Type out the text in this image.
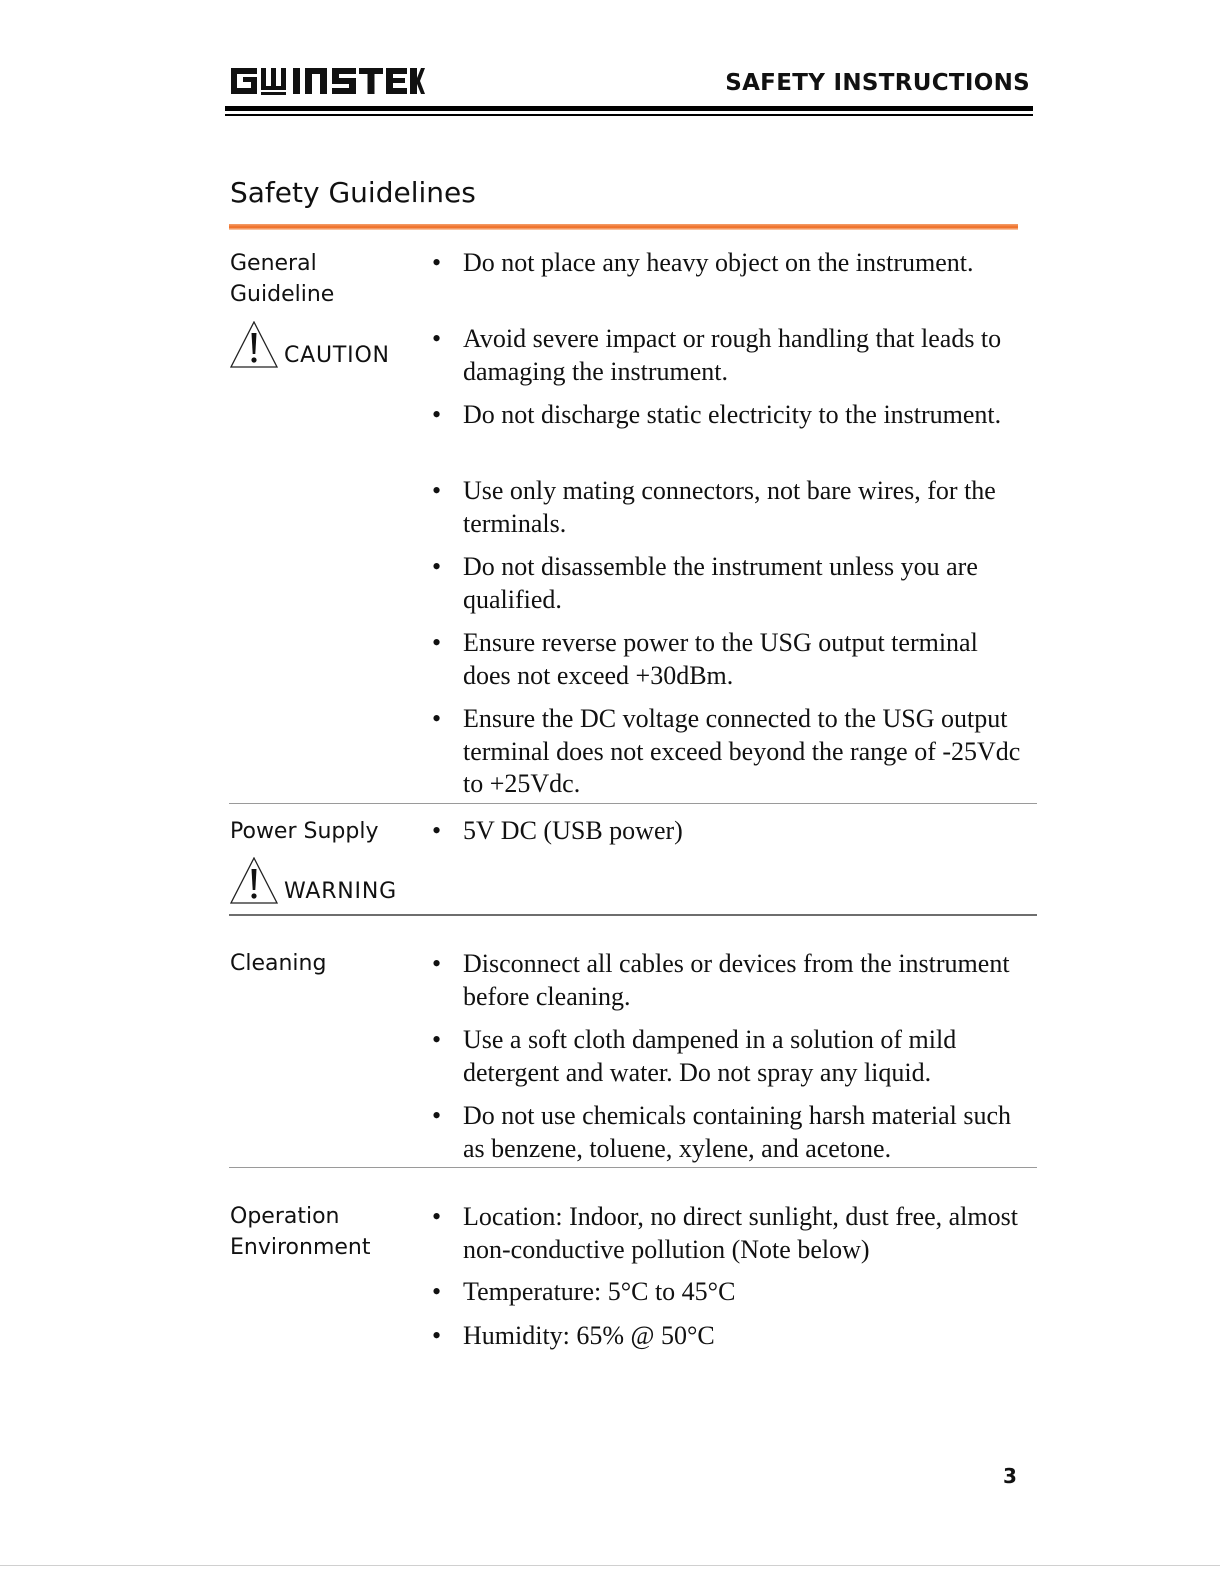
SAFETY INSTRUCTIONS
Safety Guidelines
General
Guideline
CAUTION
• Do not place any heavy object on the instrument.
• Avoid severe impact or rough handling that leads to damaging the instrument.
• Do not discharge static electricity to the instrument.
• Use only mating connectors, not bare wires, for the terminals.
• Do not disassemble the instrument unless you are qualified.
• Ensure reverse power to the USG output terminal does not exceed +30dBm.
• Ensure the DC voltage connected to the USG output terminal does not exceed beyond the range of -25Vdc to +25Vdc.
Power Supply
WARNING
• 5V DC (USB power)
Cleaning	• Disconnect all cables or devices from the instrument before cleaning.
• Use a soft cloth dampened in a solution of mild detergent and water. Do not spray any liquid.
• Do not use chemicals containing harsh material such as benzene, toluene, xylene, and acetone.
Operation
Environment
• Location: Indoor, no direct sunlight, dust free, almost non-conductive pollution (Note below)
• Temperature: 5°C to 45°C
• Humidity: 65% @ 50°C
3
